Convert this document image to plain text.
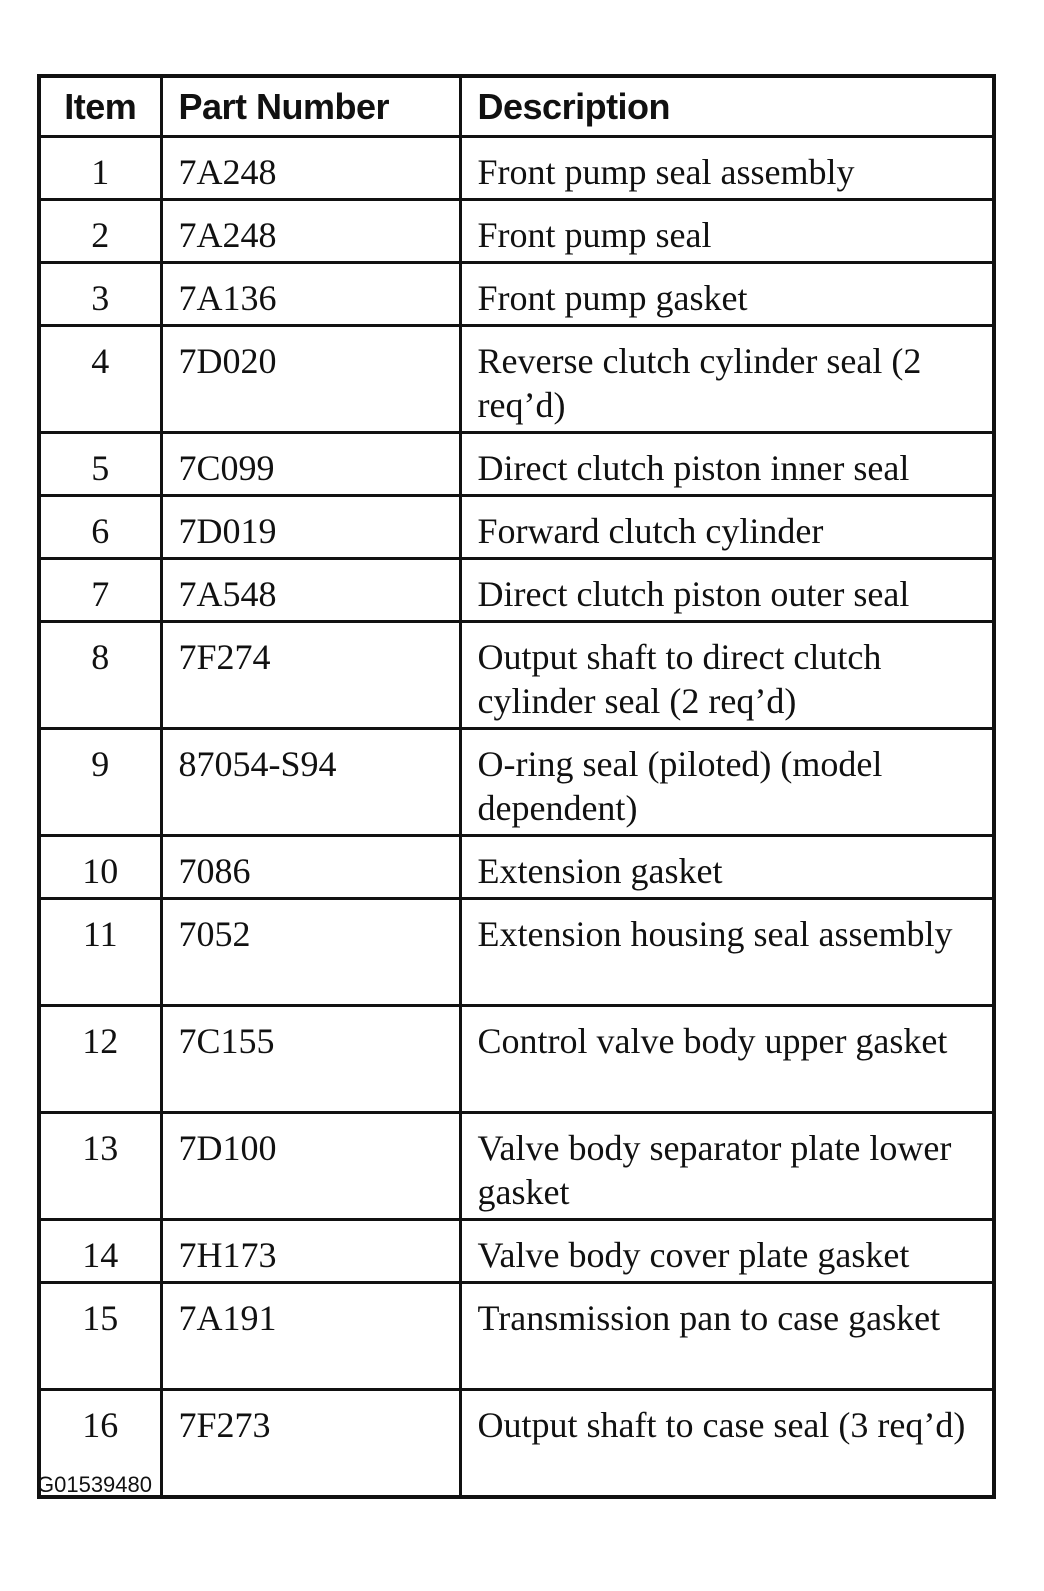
Item	Part Number	Description
1	7A248	Front pump seal assembly
2	7A248	Front pump seal
3	7A136	Front pump gasket
4	7D020	Reverse clutch cylinder seal (2 req’d)
5	7C099	Direct clutch piston inner seal
6	7D019	Forward clutch cylinder
7	7A548	Direct clutch piston outer seal
8	7F274	Output shaft to direct clutch cylinder seal (2 req’d)
9	87054-S94	O-ring seal (piloted) (model dependent)
10	7086	Extension gasket
11	7052	Extension housing seal assembly
12	7C155	Control valve body upper gasket
13	7D100	Valve body separator plate lower gasket
14	7H173	Valve body cover plate gasket
15	7A191	Transmission pan to case gasket
16	7F273	Output shaft to case seal (3 req’d)
G01539480
